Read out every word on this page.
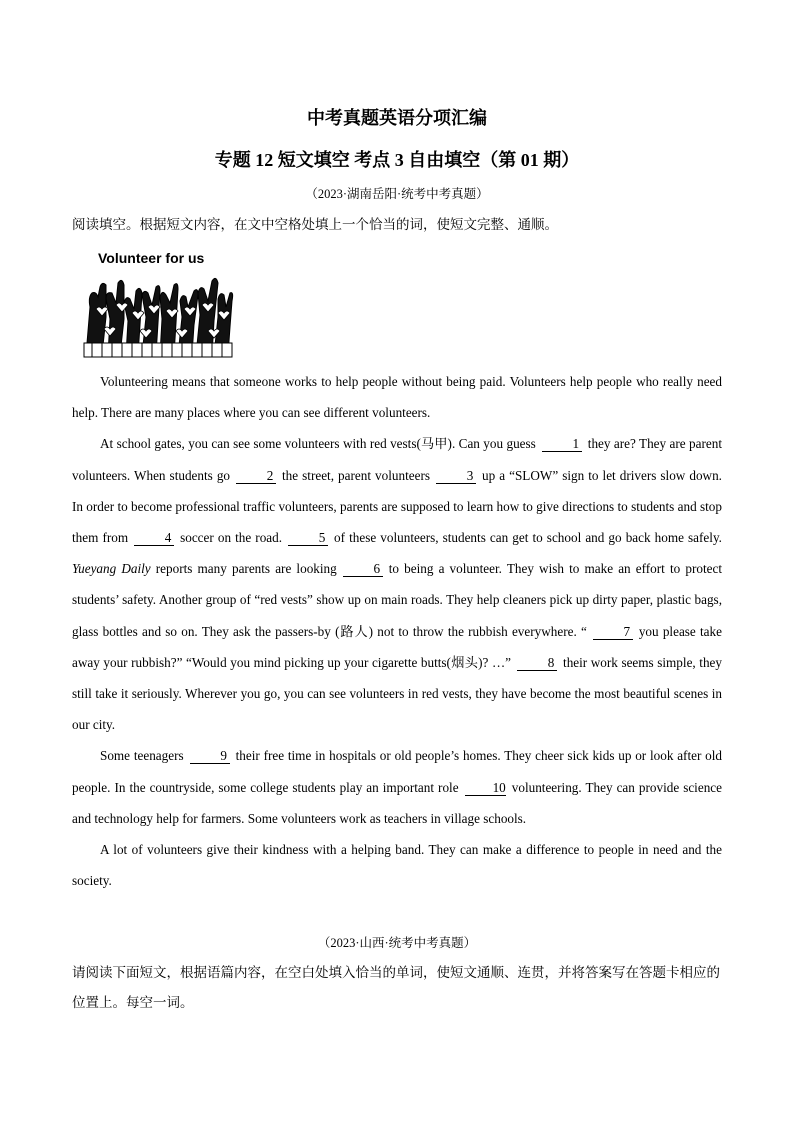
中考真题英语分项汇编
专题 12 短文填空 考点 3 自由填空（第 01 期）
（2023·湖南岳阳·统考中考真题）
阅读填空。根据短文内容，在文中空格处填上一个恰当的词，使短文完整、通顺。
Volunteer for us

Volunteering means that someone works to help people without being paid. Volunteers help people who really need help. There are many places where you can see different volunteers.

At school gates, you can see some volunteers with red vests(马甲). Can you guess	1 they are? They are parent volunteers. When students go	2 the street, parent volunteers	3 up a “SLOW” sign to let drivers slow down. In order to become professional traffic volunteers, parents are supposed to learn how to give directions to students and stop them from	4 soccer on the road.	5 of these volunteers, students can get to school and go back home safely. Yueyang Daily reports many parents are looking	6 to being a volunteer. They wish to make an effort to protect students’ safety. Another group of “red vests” show up on main roads. They help cleaners pick up dirty paper, plastic bags, glass bottles and so on. They ask the passers-by (路人) not to throw the rubbish everywhere. “	7 you please take away your rubbish?” “Would you mind picking up your cigarette butts(烟头)? …”	8 their work seems simple, they still take it seriously. Wherever you go, you can see volunteers in red vests, they have become the most beautiful scenes in our city.

Some teenagers	9 their free time in hospitals or old people’s homes. They cheer sick kids up or look after old people. In the countryside, some college students play an important role	10 volunteering. They can provide science and technology help for farmers. Some volunteers work as teachers in village schools.

A lot of volunteers give their kindness with a helping band. They can make a difference to people in need and the society.

（2023·山西·统考中考真题）
请阅读下面短文，根据语篇内容，在空白处填入恰当的单词，使短文通顺、连贯，并将答案写在答题卡相应的位置上。每空一词。
